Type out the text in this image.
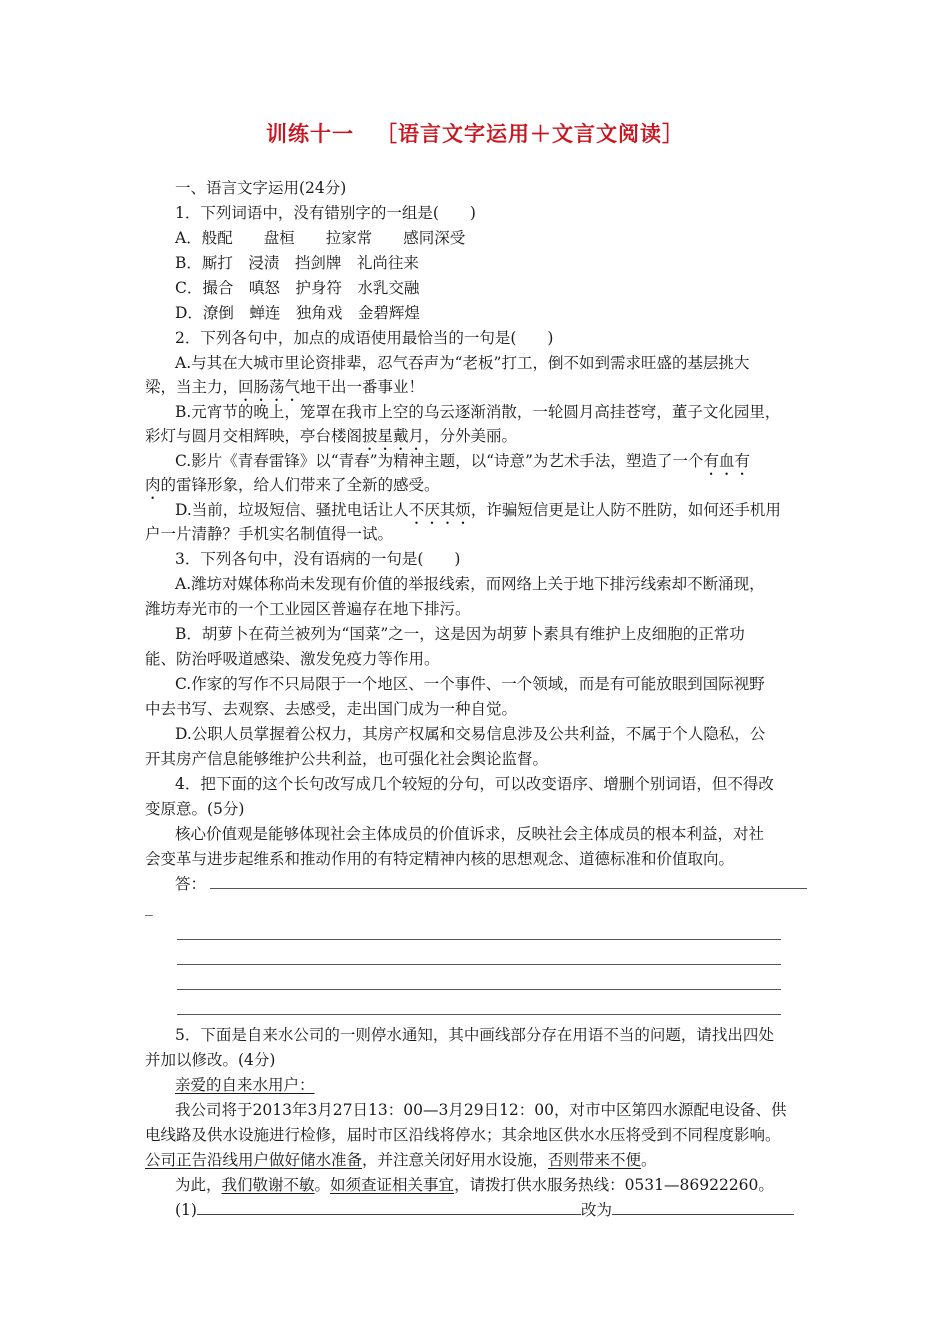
训练十一 ［语言文字运用＋文言文阅读］
一、语言文字运用(24分)
1．下列词语中，没有错别字的一组是(　　)
A．般配　　盘桓　　拉家常　　感同深受
B．厮打　浸渍　挡剑牌　礼尚往来
C．撮合　嗔怒　护身符　水乳交融
D．潦倒　蝉连　独角戏　金碧辉煌
2．下列各句中，加点的成语使用最恰当的一句是(　　)
A.与其在大城市里论资排辈，忍气吞声为“老板”打工，倒不如到需求旺盛的基层挑大
梁，当主力，回肠荡气地干出一番事业！
B.元宵节的晚上，笼罩在我市上空的乌云逐渐消散，一轮圆月高挂苍穹，董子文化园里，
彩灯与圆月交相辉映，亭台楼阁披星戴月，分外美丽。
C.影片《青春雷锋》以“青春”为精神主题，以“诗意”为艺术手法，塑造了一个有血有
肉的雷锋形象，给人们带来了全新的感受。
D.当前，垃圾短信、骚扰电话让人不厌其烦，诈骗短信更是让人防不胜防，如何还手机用
户一片清静？手机实名制值得一试。
3．下列各句中，没有语病的一句是(　　)
A.潍坊对媒体称尚未发现有价值的举报线索，而网络上关于地下排污线索却不断涌现，
潍坊寿光市的一个工业园区普遍存在地下排污。
B．胡萝卜在荷兰被列为“国菜”之一，这是因为胡萝卜素具有维护上皮细胞的正常功
能、防治呼吸道感染、激发免疫力等作用。
C.作家的写作不只局限于一个地区、一个事件、一个领域，而是有可能放眼到国际视野
中去书写、去观察、去感受，走出国门成为一种自觉。
D.公职人员掌握着公权力，其房产权属和交易信息涉及公共利益，不属于个人隐私，公
开其房产信息能够维护公共利益，也可强化社会舆论监督。
4．把下面的这个长句改写成几个较短的分句，可以改变语序、增删个别词语，但不得改
变原意。(5分)
核心价值观是能够体现社会主体成员的价值诉求，反映社会主体成员的根本利益，对社
会变革与进步起维系和推动作用的有特定精神内核的思想观念、道德标准和价值取向。
答：
_
5．下面是自来水公司的一则停水通知，其中画线部分存在用语不当的问题，请找出四处
并加以修改。(4分)
亲爱的自来水用户：
我公司将于2013年3月27日13：00—3月29日12：00，对市中区第四水源配电设备、供
电线路及供水设施进行检修，届时市区沿线将停水；其余地区供水水压将受到不同程度影响。
公司正告沿线用户做好储水准备，并注意关闭好用水设施，否则带来不便。
为此，我们敬谢不敏。如须查证相关事宜，请拨打供水服务热线：0531—86922260。
(1)	改为
